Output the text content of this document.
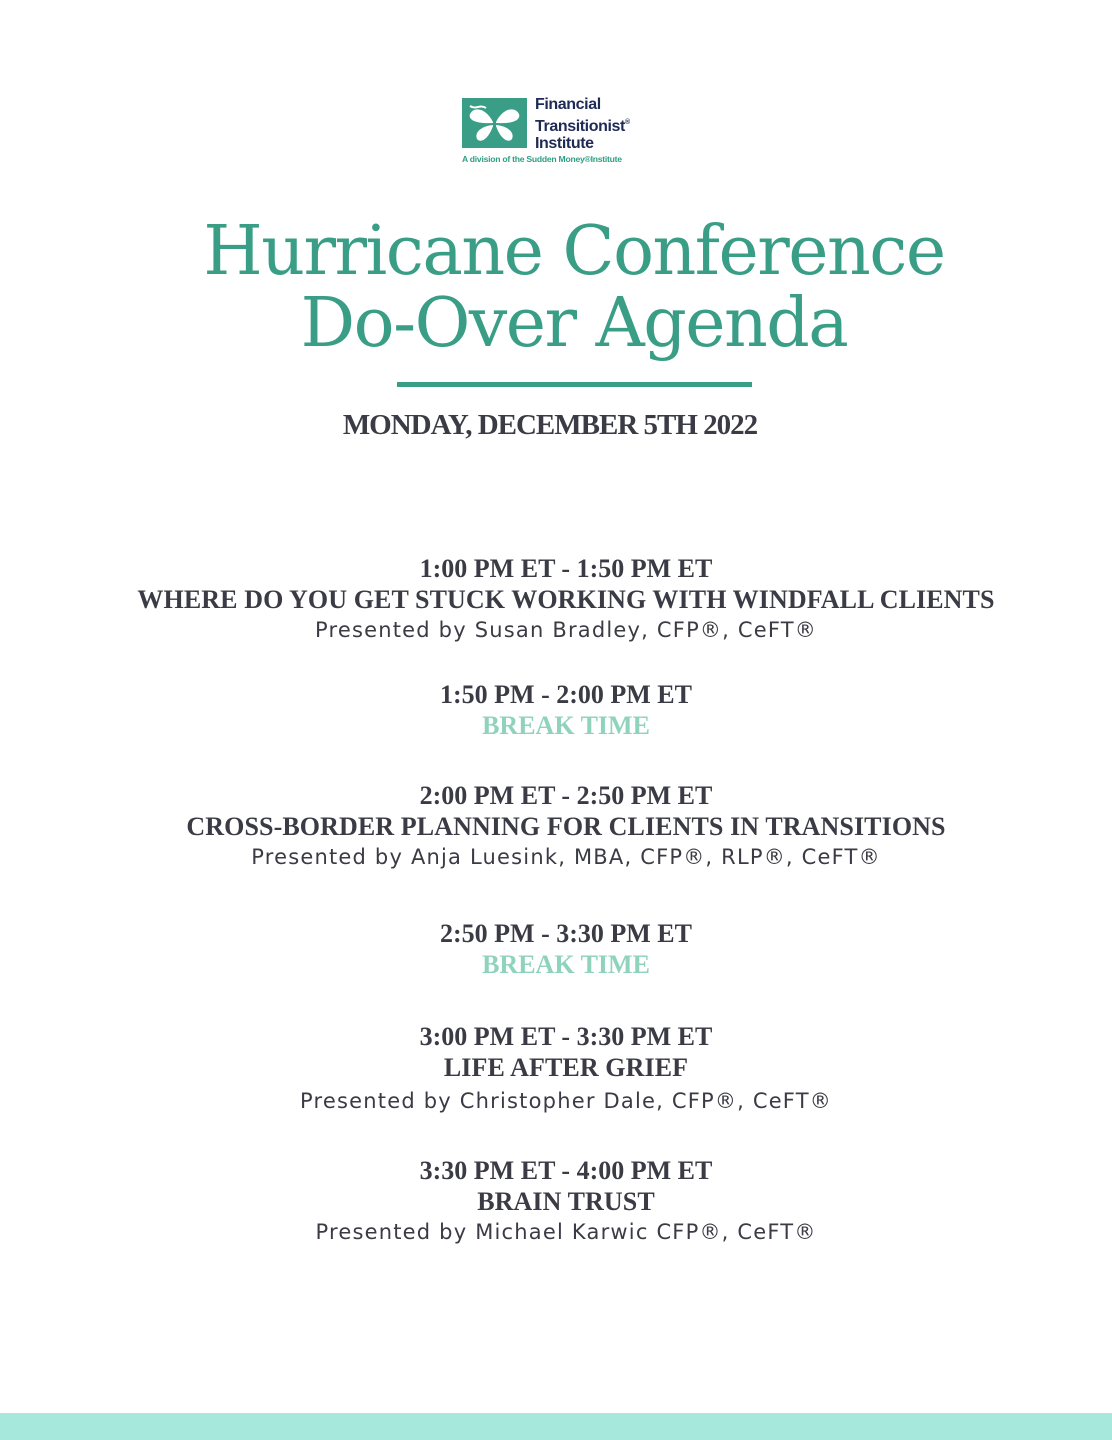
Financial
Transitionist®
Institute
A division of the Sudden Money®Institute
Hurricane Conference
Do-Over Agenda
MONDAY, DECEMBER 5TH 2022
1:00 PM ET - 1:50 PM ET
WHERE DO YOU GET STUCK WORKING WITH WINDFALL CLIENTS
Presented by Susan Bradley, CFP®, CeFT®
1:50 PM - 2:00 PM ET
BREAK TIME
2:00 PM ET - 2:50 PM ET
CROSS-BORDER PLANNING FOR CLIENTS IN TRANSITIONS
Presented by Anja Luesink, MBA, CFP®, RLP®, CeFT®
2:50 PM - 3:30 PM ET
BREAK TIME
3:00 PM ET - 3:30 PM ET
LIFE AFTER GRIEF
Presented by Christopher Dale, CFP®, CeFT®
3:30 PM ET - 4:00 PM ET
BRAIN TRUST
Presented by Michael Karwic CFP®, CeFT®
